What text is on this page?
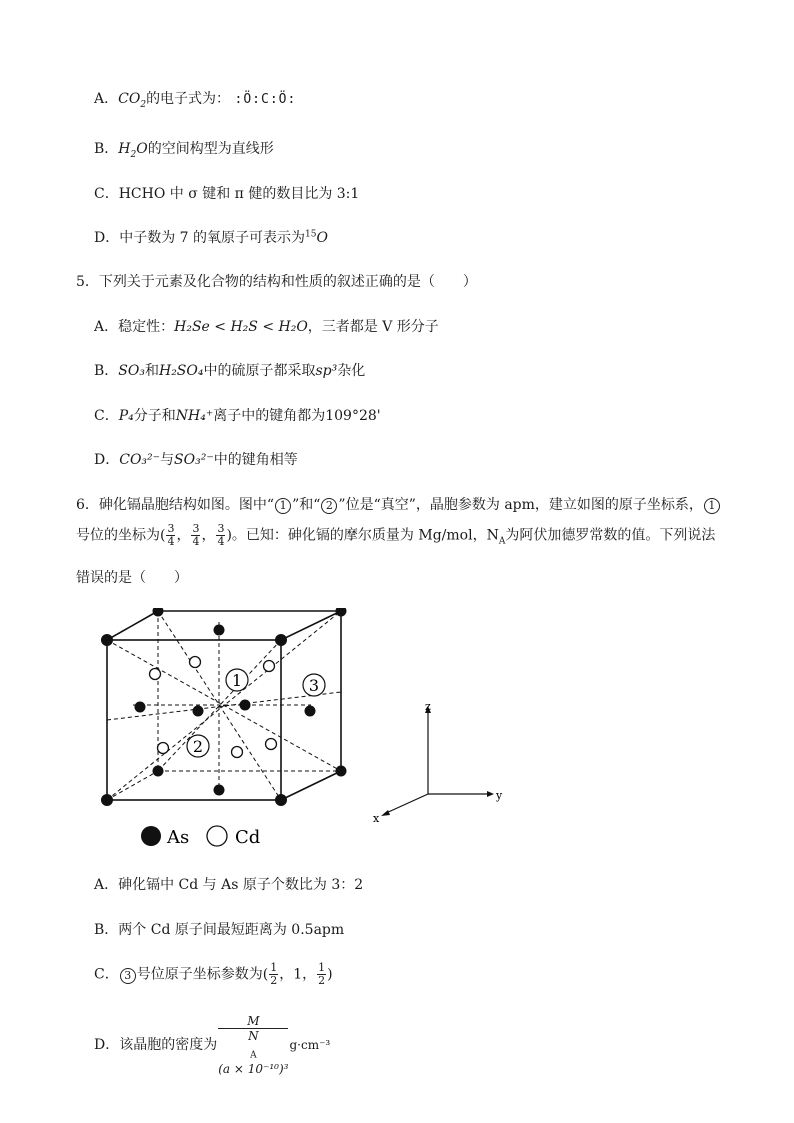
A．$CO_2$的电子式为： :Ö:C:Ö:
B．$H_2O$的空间构型为直线形
C．HCHO 中 σ 键和 π 健的数目比为 3:1
D．中子数为 7 的氧原子可表示为$^{15}$O
5．下列关于元素及化合物的结构和性质的叙述正确的是（　　）
A．稳定性：H₂Se < H₂S < H₂O，三者都是 V 形分子
B．SO₃和H₂SO₄中的硫原子都采取sp³杂化
C．P₄分子和NH₄⁺离子中的键角都为109°28'
D．CO₃²⁻与SO₃²⁻中的键角相等
6．砷化镉晶胞结构如图。图中“ 1 ”和“ 2 ”位是“真空”，晶胞参数为 apm，建立如图的原子坐标系， 1
号位的坐标为( $\frac{3}{4}$ ， $\frac{3}{4}$ ， $\frac{3}{4}$ )。已知：砷化镉的摩尔质量为 Mg/mol，$N_A$为阿伏加德罗常数的值。下列说法
错误的是（　　）
1
2
3
As	Cd
z
y
x
A．砷化镉中 Cd 与 As 原子个数比为 3：2
B．两个 Cd 原子间最短距离为 0.5apm
C． 3 号位原子坐标参数为( $\frac{1}{2}$ ，1， $\frac{1}{2}$ )
D．该晶胞的密度为 M
N
$_A$
(a × 10⁻¹⁰)³ g·cm⁻³
